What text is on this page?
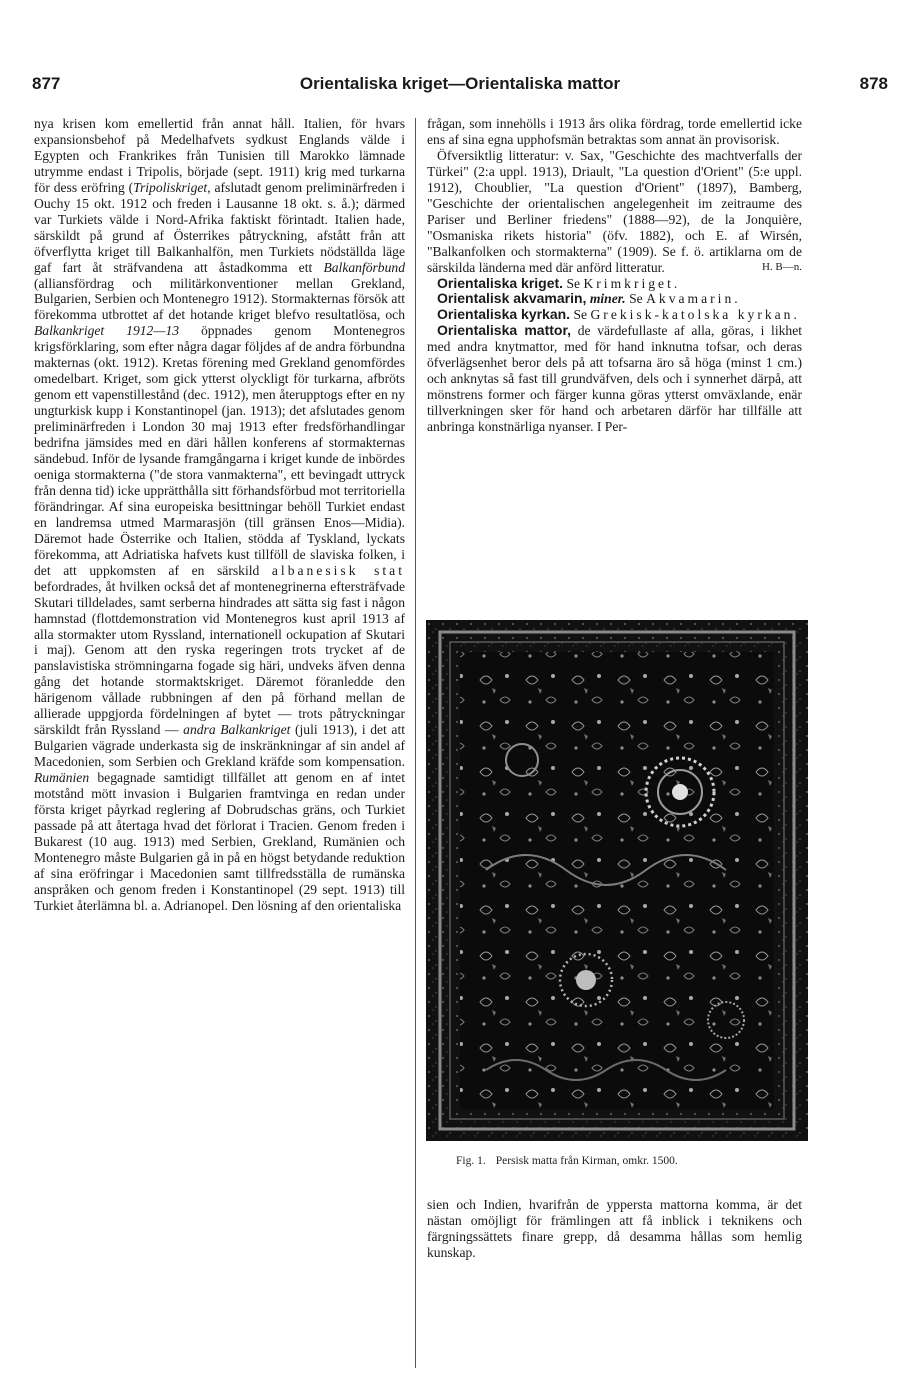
877	Orientaliska kriget—Orientaliska mattor	878

nya krisen kom emellertid från annat håll. Italien, för hvars expansionsbehof på Medelhafvets sydkust Englands välde i Egypten och Frankrikes från Tunisien till Marokko lämnade utrymme endast i Tripolis, började (sept. 1911) krig med turkarna för dess eröfring (Tripoliskriget, afslutadt genom preliminärfreden i Ouchy 15 okt. 1912 och freden i Lausanne 18 okt. s. å.); därmed var Turkiets välde i Nord-Afrika faktiskt förintadt. Italien hade, särskildt på grund af Österrikes påtryckning, afstått från att öfverflytta kriget till Balkanhalfön, men Turkiets nödställda läge gaf fart åt sträfvandena att åstadkomma ett Balkanförbund (alliansfördrag och militärkonventioner mellan Grekland, Bulgarien, Serbien och Montenegro 1912). Stormakternas försök att förekomma utbrottet af det hotande kriget blefvo resultatlösa, och Balkankriget 1912—13 öppnades genom Montenegros krigsförklaring, som efter några dagar följdes af de andra förbundna makternas (okt. 1912). Kretas förening med Grekland genomfördes omedelbart. Kriget, som gick ytterst olyckligt för turkarna, afbröts genom ett vapenstillestånd (dec. 1912), men återupptogs efter en ny ungturkisk kupp i Konstantinopel (jan. 1913); det afslutades genom preliminärfreden i London 30 maj 1913 efter fredsförhandlingar bedrifna jämsides med en däri hållen konferens af stormakternas sändebud. Inför de lysande framgångarna i kriget kunde de inbördes oeniga stormakterna ("de stora vanmakterna", ett bevingadt uttryck från denna tid) icke upprätthålla sitt förhandsförbud mot territoriella förändringar. Af sina europeiska besittningar behöll Turkiet endast en landremsa utmed Marmarasjön (till gränsen Enos—Midia). Däremot hade Österrike och Italien, stödda af Tyskland, lyckats förekomma, att Adriatiska hafvets kust tillföll de slaviska folken, i det att uppkomsten af en särskild albanesisk stat befordrades, åt hvilken också det af montenegrinerna eftersträfvade Skutari tilldelades, samt serberna hindrades att sätta sig fast i någon hamnstad (flottdemonstration vid Montenegros kust april 1913 af alla stormakter utom Ryssland, internationell ockupation af Skutari i maj). Genom att den ryska regeringen trots trycket af de panslavistiska strömningarna fogade sig häri, undveks äfven denna gång det hotande stormaktskriget. Däremot föranledde den härigenom vållade rubbningen af den på förhand mellan de allierade uppgjorda fördelningen af bytet — trots påtryckningar särskildt från Ryssland — andra Balkankriget (juli 1913), i det att Bulgarien vägrade underkasta sig de inskränkningar af sin andel af Macedonien, som Serbien och Grekland kräfde som kompensation. Rumänien begagnade samtidigt tillfället att genom en af intet motstånd mött invasion i Bulgarien framtvinga en redan under första kriget påyrkad reglering af Dobrudschas gräns, och Turkiet passade på att återtaga hvad det förlorat i Tracien. Genom freden i Bukarest (10 aug. 1913) med Serbien, Grekland, Rumänien och Montenegro måste Bulgarien gå in på en högst betydande reduktion af sina eröfringar i Macedonien samt tillfredsställa de rumänska anspråken och genom freden i Konstantinopel (29 sept. 1913) till Turkiet återlämna bl. a. Adrianopel. Den lösning af den orientaliska

frågan, som innehölls i 1913 års olika fördrag, torde emellertid icke ens af sina egna upphofsmän betraktas som annat än provisorisk.

Öfversiktlig litteratur: v. Sax, "Geschichte des machtverfalls der Türkei" (2:a uppl. 1913), Driault, "La question d'Orient" (5:e uppl. 1912), Choublier, "La question d'Orient" (1897), Bamberg, "Geschichte der orientalischen angelegenheit im zeitraume des Pariser und Berliner friedens" (1888—92), de la Jonquière, "Osmaniska rikets historia" (öfv. 1882), och E. af Wirsén, "Balkanfolken och stormakterna" (1909). Se f. ö. artiklarna om de särskilda länderna med där anförd litteratur.	H. B—n.

Orientaliska kriget. Se Krimkriget.

Orientalisk akvamarin, miner. Se Akvamarin.

Orientaliska kyrkan. Se Grekisk-katolska kyrkan.

Orientaliska mattor, de värdefullaste af alla, göras, i likhet med andra knytmattor, med för hand inknutna tofsar, och deras öfverlägsenhet beror dels på att tofsarna äro så höga (minst 1 cm.) och anknytas så fast till grundväfven, dels och i synnerhet därpå, att mönstrens former och färger kunna göras ytterst omväxlande, enär tillverkningen sker för hand och arbetaren därför har tillfälle att anbringa konstnärliga nyanser. I Per-

Fig. 1. Persisk matta från Kirman, omkr. 1500.
sien och Indien, hvarifrån de yppersta mattorna komma, är det nästan omöjligt för främlingen att få inblick i teknikens och färgningssättets finare grepp, då desamma hållas som hemlig kunskap.
